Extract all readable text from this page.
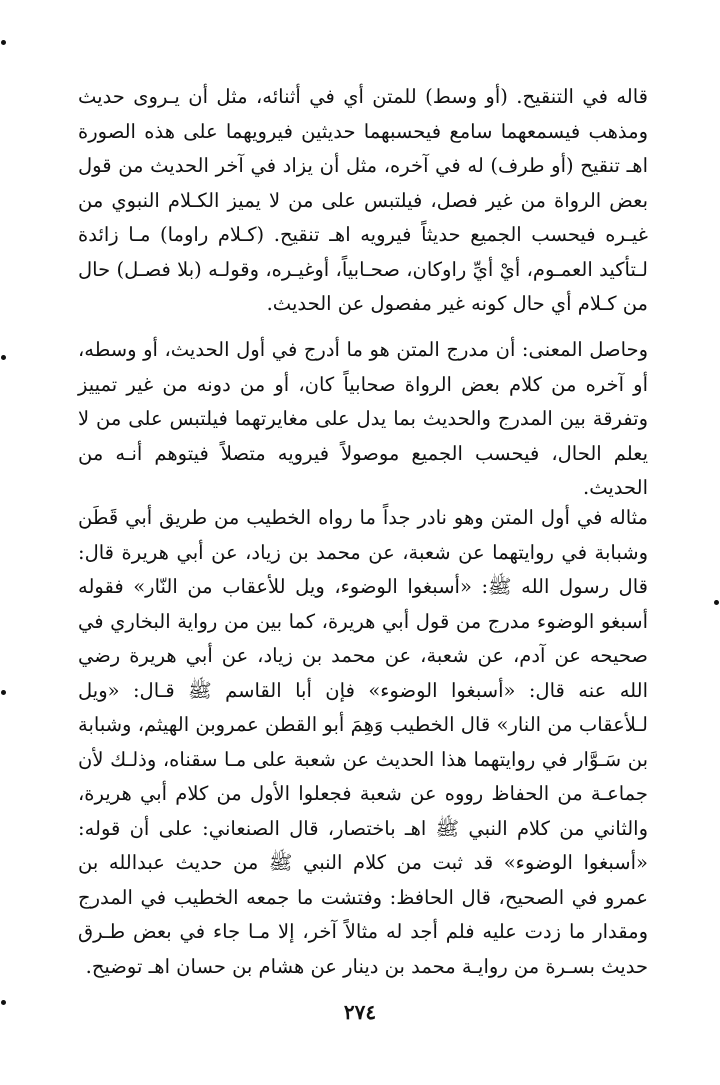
قاله في التنقيح. (أو وسط) للمتن أي في أثنائه، مثل أن يـروى حديث ومذهب فيسمعهما سامع فيحسبهما حديثين فيرويهما على هذه الصورة اهـ تنقيح (أو طرف) له في آخره، مثل أن يزاد في آخر الحديث من قول بعض الرواة من غير فصل، فيلتبس على من لا يميز الكـلام النبوي من غيـره فيحسب الجميع حديثاً فيرويه اهـ تنقيح. (كـلام راوما) مـا زائدة لـتأكيد العمـوم، أيْ أيِّ راوكان، صحـابياً، أوغيـره، وقولـه (بلا فصـل) حال من كـلام أي حال كونه غير مفصول عن الحديث.

وحاصل المعنى: أن مدرج المتن هو ما أدرج في أول الحديث، أو وسطه، أو آخره من كلام بعض الرواة صحابياً كان، أو من دونه من غير تمييز وتفرقة بين المدرج والحديث بما يدل على مغايرتهما فيلتبس على من لا يعلم الحال، فيحسب الجميع موصولاً فيرويه متصلاً فيتوهم أنـه من الحديث.

مثاله في أول المتن وهو نادر جداً ما رواه الخطيب من طريق أبي قَطَن وشبابة في روايتهما عن شعبة، عن محمد بن زياد، عن أبي هريرة قال: قال رسول الله ﷺ: «أسبغوا الوضوء، ويل للأعقاب من النّار» فقوله أسبغو الوضوء مدرج من قول أبي هريرة، كما بين من رواية البخاري في صحيحه عن آدم، عن شعبة، عن محمد بن زياد، عن أبي هريرة رضي الله عنه قال: «أسبغوا الوضوء» فإن أبا القاسم ﷺ قـال: «ويل لـلأعقاب من النار» قال الخطيب وَهِمَ أبو القطن عمروبن الهيثم، وشبابة بن سَـوَّار في روايتهما هذا الحديث عن شعبة على مـا سقناه، وذلـك لأن جماعـة من الحفاظ رووه عن شعبة فجعلوا الأول من كلام أبي هريرة، والثاني من كلام النبي ﷺ اهـ باختصار، قال الصنعاني: على أن قوله: «أسبغوا الوضوء» قد ثبت من كلام النبي ﷺ من حديث عبدالله بن عمرو في الصحيح، قال الحافظ: وفتشت ما جمعه الخطيب في المدرج ومقدار ما زدت عليه فلم أجد له مثالاً آخر، إلا مـا جاء في بعض طـرق حديث بسـرة من روايـة محمد بن دينار عن هشام بن حسان اهـ توضيح.

٢٧٤
